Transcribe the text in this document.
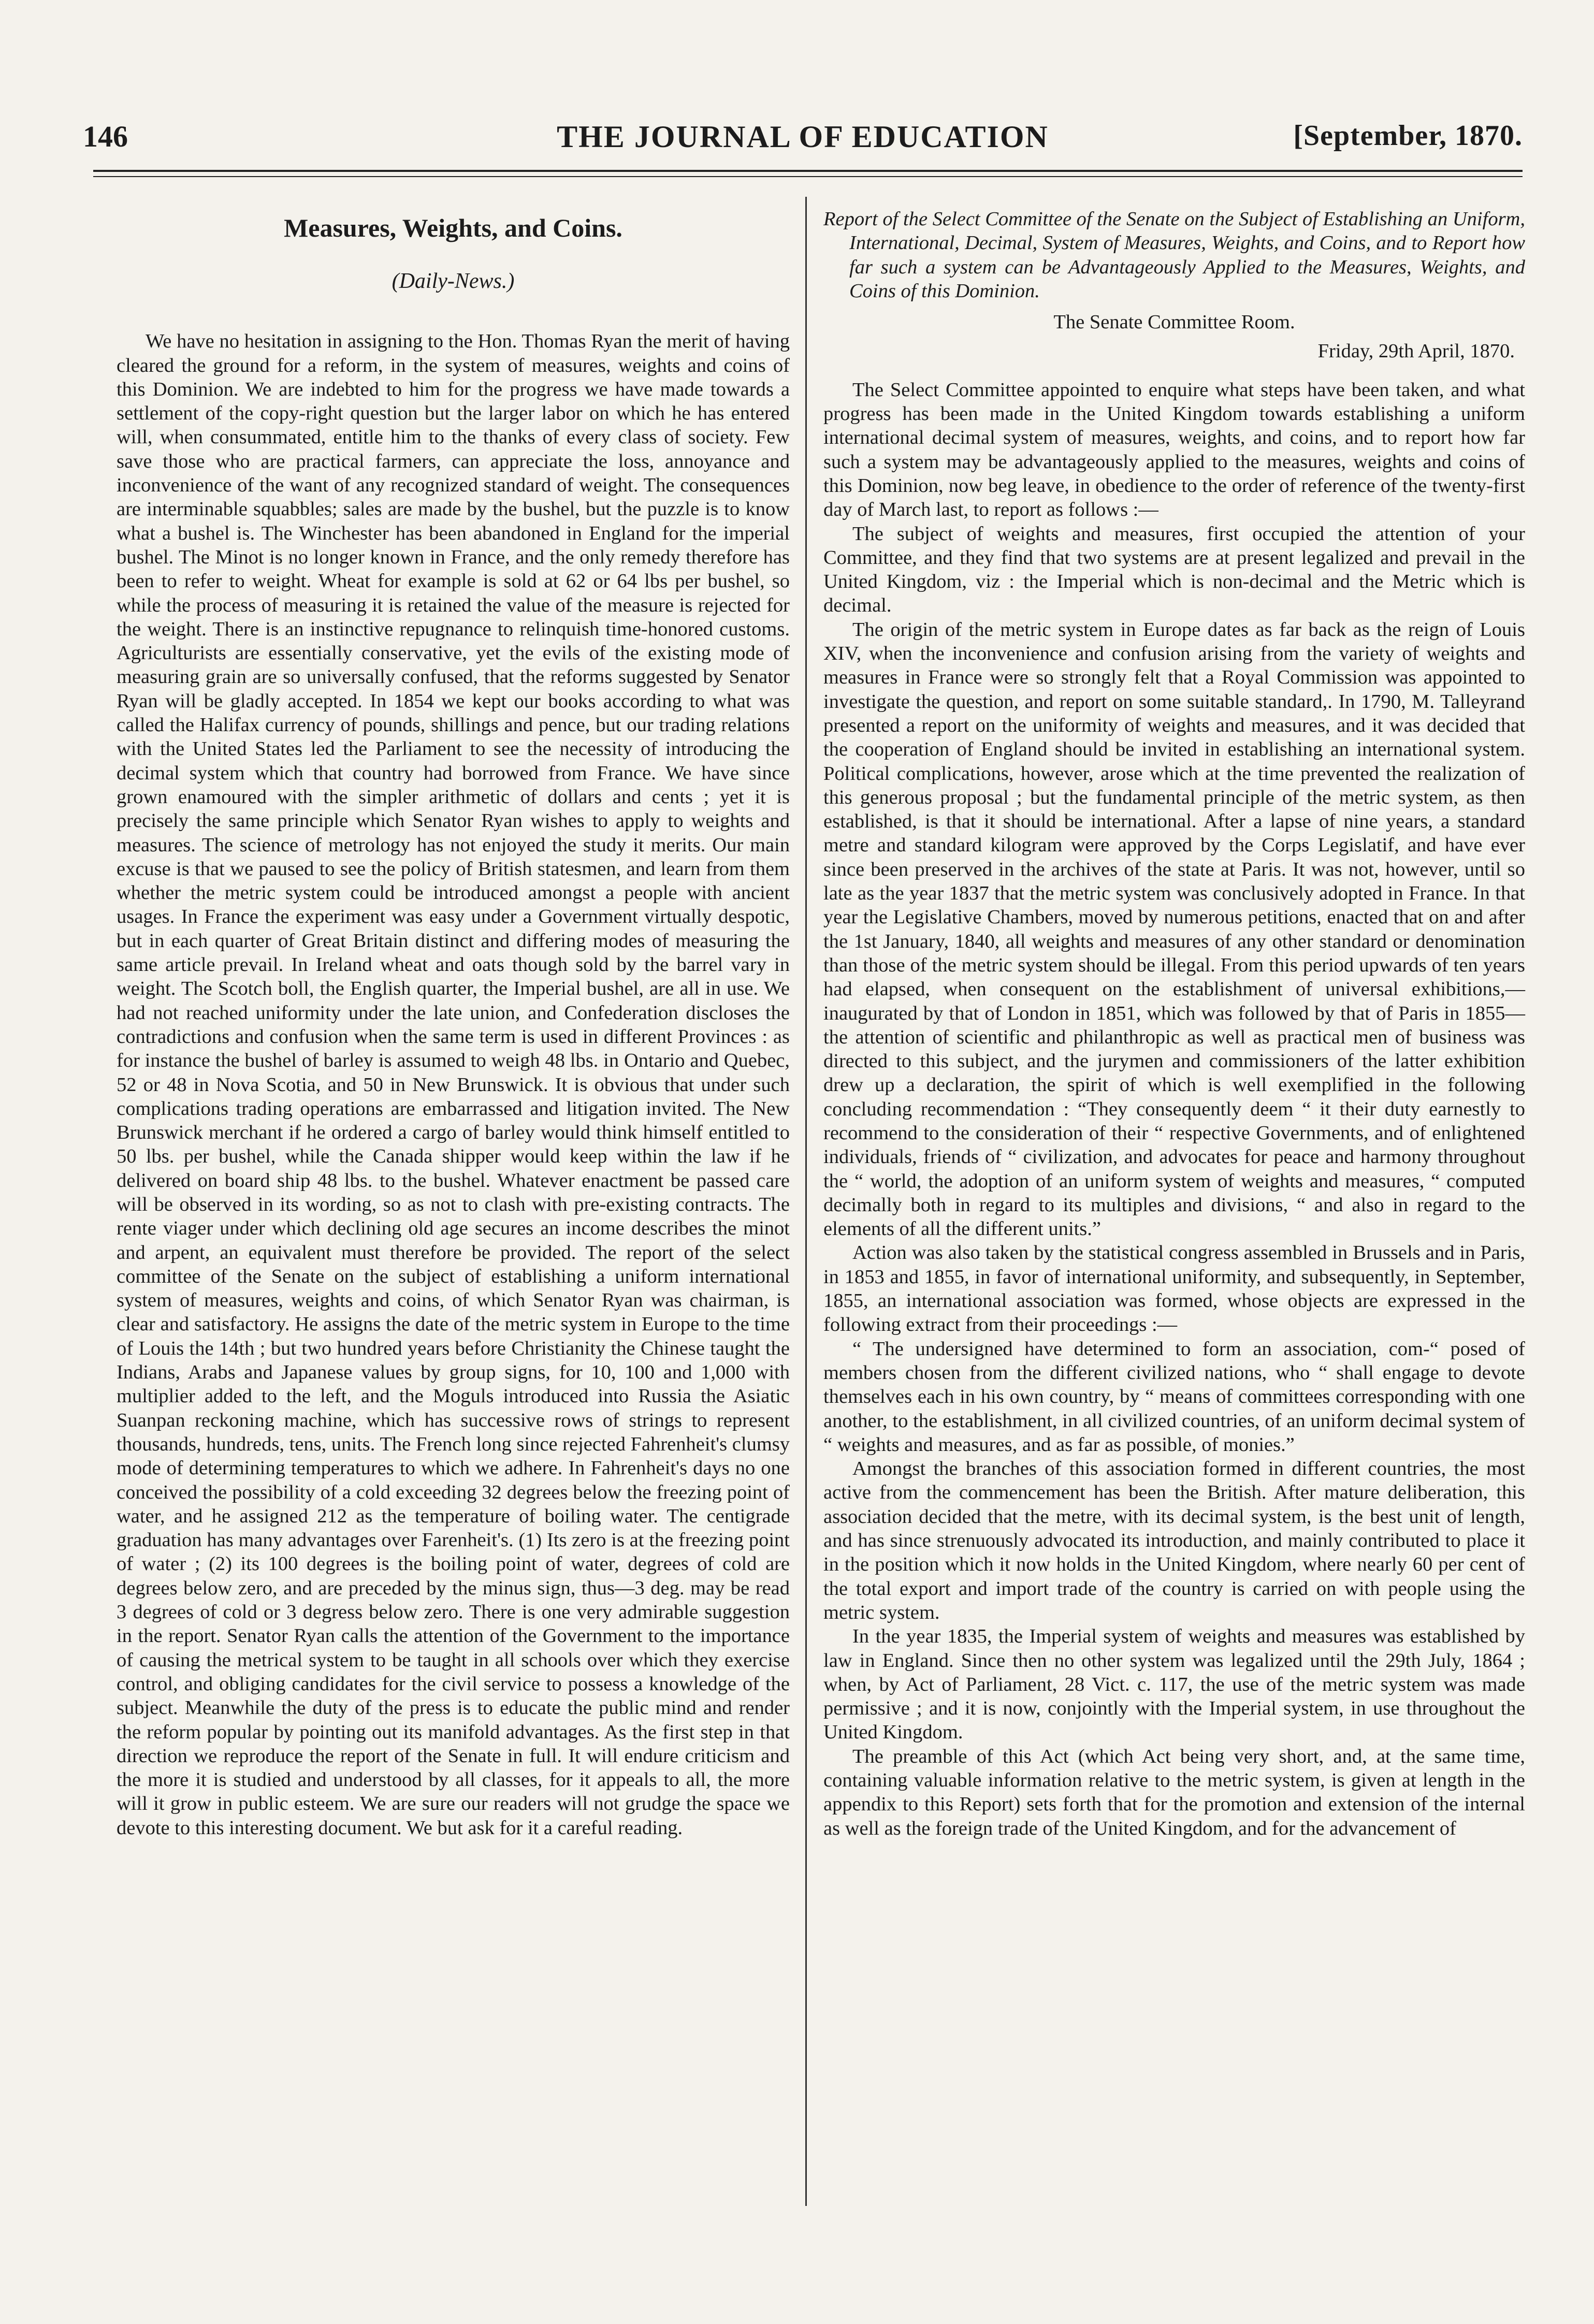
146	THE JOURNAL OF EDUCATION	[September, 1870.
Measures, Weights, and Coins.
(Daily-News.)

We have no hesitation in assigning to the Hon. Thomas Ryan the merit of having cleared the ground for a reform, in the system of measures, weights and coins of this Dominion. We are indebted to him for the progress we have made towards a settlement of the copy-right question but the larger labor on which he has entered will, when consummated, entitle him to the thanks of every class of society. Few save those who are practical farmers, can appreciate the loss, annoyance and inconvenience of the want of any recognized standard of weight. The consequences are interminable squabbles; sales are made by the bushel, but the puzzle is to know what a bushel is. The Winchester has been abandoned in England for the imperial bushel. The Minot is no longer known in France, and the only remedy therefore has been to refer to weight. Wheat for example is sold at 62 or 64 lbs per bushel, so while the process of measuring it is retained the value of the measure is rejected for the weight. There is an instinctive repugnance to relinquish time-honored customs. Agriculturists are essentially conservative, yet the evils of the existing mode of measuring grain are so universally confused, that the reforms suggested by Senator Ryan will be gladly accepted. In 1854 we kept our books according to what was called the Halifax currency of pounds, shillings and pence, but our trading relations with the United States led the Parliament to see the necessity of introducing the decimal system which that country had borrowed from France. We have since grown enamoured with the simpler arithmetic of dollars and cents ; yet it is precisely the same principle which Senator Ryan wishes to apply to weights and measures. The science of metrology has not enjoyed the study it merits. Our main excuse is that we paused to see the policy of British statesmen, and learn from them whether the metric system could be introduced amongst a people with ancient usages. In France the experiment was easy under a Government virtually despotic, but in each quarter of Great Britain distinct and differing modes of measuring the same article prevail. In Ireland wheat and oats though sold by the barrel vary in weight. The Scotch boll, the English quarter, the Imperial bushel, are all in use. We had not reached uniformity under the late union, and Confederation discloses the contradictions and confusion when the same term is used in different Provinces : as for instance the bushel of barley is assumed to weigh 48 lbs. in Ontario and Quebec, 52 or 48 in Nova Scotia, and 50 in New Brunswick. It is obvious that under such complications trading operations are embarrassed and litigation invited. The New Brunswick merchant if he ordered a cargo of barley would think himself entitled to 50 lbs. per bushel, while the Canada shipper would keep within the law if he delivered on board ship 48 lbs. to the bushel. Whatever enactment be passed care will be observed in its wording, so as not to clash with pre-existing contracts. The rente viager under which declining old age secures an income describes the minot and arpent, an equivalent must therefore be provided. The report of the select committee of the Senate on the subject of establishing a uniform international system of measures, weights and coins, of which Senator Ryan was chairman, is clear and satisfactory. He assigns the date of the metric system in Europe to the time of Louis the 14th ; but two hundred years before Christianity the Chinese taught the Indians, Arabs and Japanese values by group signs, for 10, 100 and 1,000 with multiplier added to the left, and the Moguls introduced into Russia the Asiatic Suanpan reckoning machine, which has successive rows of strings to represent thousands, hundreds, tens, units. The French long since rejected Fahrenheit's clumsy mode of determining temperatures to which we adhere. In Fahrenheit's days no one conceived the possibility of a cold exceeding 32 degrees below the freezing point of water, and he assigned 212 as the temperature of boiling water. The centigrade graduation has many advantages over Farenheit's. (1) Its zero is at the freezing point of water ; (2) its 100 degrees is the boiling point of water, degrees of cold are degrees below zero, and are preceded by the minus sign, thus—3 deg. may be read 3 degrees of cold or 3 degress below zero. There is one very admirable suggestion in the report. Senator Ryan calls the attention of the Government to the importance of causing the metrical system to be taught in all schools over which they exercise control, and obliging candidates for the civil service to possess a knowledge of the subject. Meanwhile the duty of the press is to educate the public mind and render the reform popular by pointing out its manifold advantages. As the first step in that direction we reproduce the report of the Senate in full. It will endure criticism and the more it is studied and understood by all classes, for it appeals to all, the more will it grow in public esteem. We are sure our readers will not grudge the space we devote to this interesting document. We but ask for it a careful reading.

Report of the Select Committee of the Senate on the Subject of Establishing an Uniform, International, Decimal, System of Measures, Weights, and Coins, and to Report how far such a system can be Advantageously Applied to the Measures, Weights, and Coins of this Dominion.
The Senate Committee Room.
Friday, 29th April, 1870.

The Select Committee appointed to enquire what steps have been taken, and what progress has been made in the United Kingdom towards establishing a uniform international decimal system of measures, weights, and coins, and to report how far such a system may be advantageously applied to the measures, weights and coins of this Dominion, now beg leave, in obedience to the order of reference of the twenty-first day of March last, to report as follows :—

The subject of weights and measures, first occupied the attention of your Committee, and they find that two systems are at present legalized and prevail in the United Kingdom, viz : the Imperial which is non-decimal and the Metric which is decimal.

The origin of the metric system in Europe dates as far back as the reign of Louis XIV, when the inconvenience and confusion arising from the variety of weights and measures in France were so strongly felt that a Royal Commission was appointed to investigate the question, and report on some suitable standard,. In 1790, M. Talleyrand presented a report on the uniformity of weights and measures, and it was decided that the cooperation of England should be invited in establishing an international system. Political complications, however, arose which at the time prevented the realization of this generous proposal ; but the fundamental principle of the metric system, as then established, is that it should be international. After a lapse of nine years, a standard metre and standard kilogram were approved by the Corps Legislatif, and have ever since been preserved in the archives of the state at Paris. It was not, however, until so late as the year 1837 that the metric system was conclusively adopted in France. In that year the Legislative Chambers, moved by numerous petitions, enacted that on and after the 1st January, 1840, all weights and measures of any other standard or denomination than those of the metric system should be illegal. From this period upwards of ten years had elapsed, when consequent on the establishment of universal exhibitions,—inaugurated by that of London in 1851, which was followed by that of Paris in 1855—the attention of scientific and philanthropic as well as practical men of business was directed to this subject, and the jurymen and commissioners of the latter exhibition drew up a declaration, the spirit of which is well exemplified in the following concluding recommendation : “They consequently deem “ it their duty earnestly to recommend to the consideration of their “ respective Governments, and of enlightened individuals, friends of “ civilization, and advocates for peace and harmony throughout the “ world, the adoption of an uniform system of weights and measures, “ computed decimally both in regard to its multiples and divisions, “ and also in regard to the elements of all the different units.”

Action was also taken by the statistical congress assembled in Brussels and in Paris, in 1853 and 1855, in favor of international uniformity, and subsequently, in September, 1855, an international association was formed, whose objects are expressed in the following extract from their proceedings :—

“ The undersigned have determined to form an association, com-“ posed of members chosen from the different civilized nations, who “ shall engage to devote themselves each in his own country, by “ means of committees corresponding with one another, to the establishment, in all civilized countries, of an uniform decimal system of “ weights and measures, and as far as possible, of monies.”

Amongst the branches of this association formed in different countries, the most active from the commencement has been the British. After mature deliberation, this association decided that the metre, with its decimal system, is the best unit of length, and has since strenuously advocated its introduction, and mainly contributed to place it in the position which it now holds in the United Kingdom, where nearly 60 per cent of the total export and import trade of the country is carried on with people using the metric system.

In the year 1835, the Imperial system of weights and measures was established by law in England. Since then no other system was legalized until the 29th July, 1864 ; when, by Act of Parliament, 28 Vict. c. 117, the use of the metric system was made permissive ; and it is now, conjointly with the Imperial system, in use throughout the United Kingdom.

The preamble of this Act (which Act being very short, and, at the same time, containing valuable information relative to the metric system, is given at length in the appendix to this Report) sets forth that for the promotion and extension of the internal as well as the foreign trade of the United Kingdom, and for the advancement of
